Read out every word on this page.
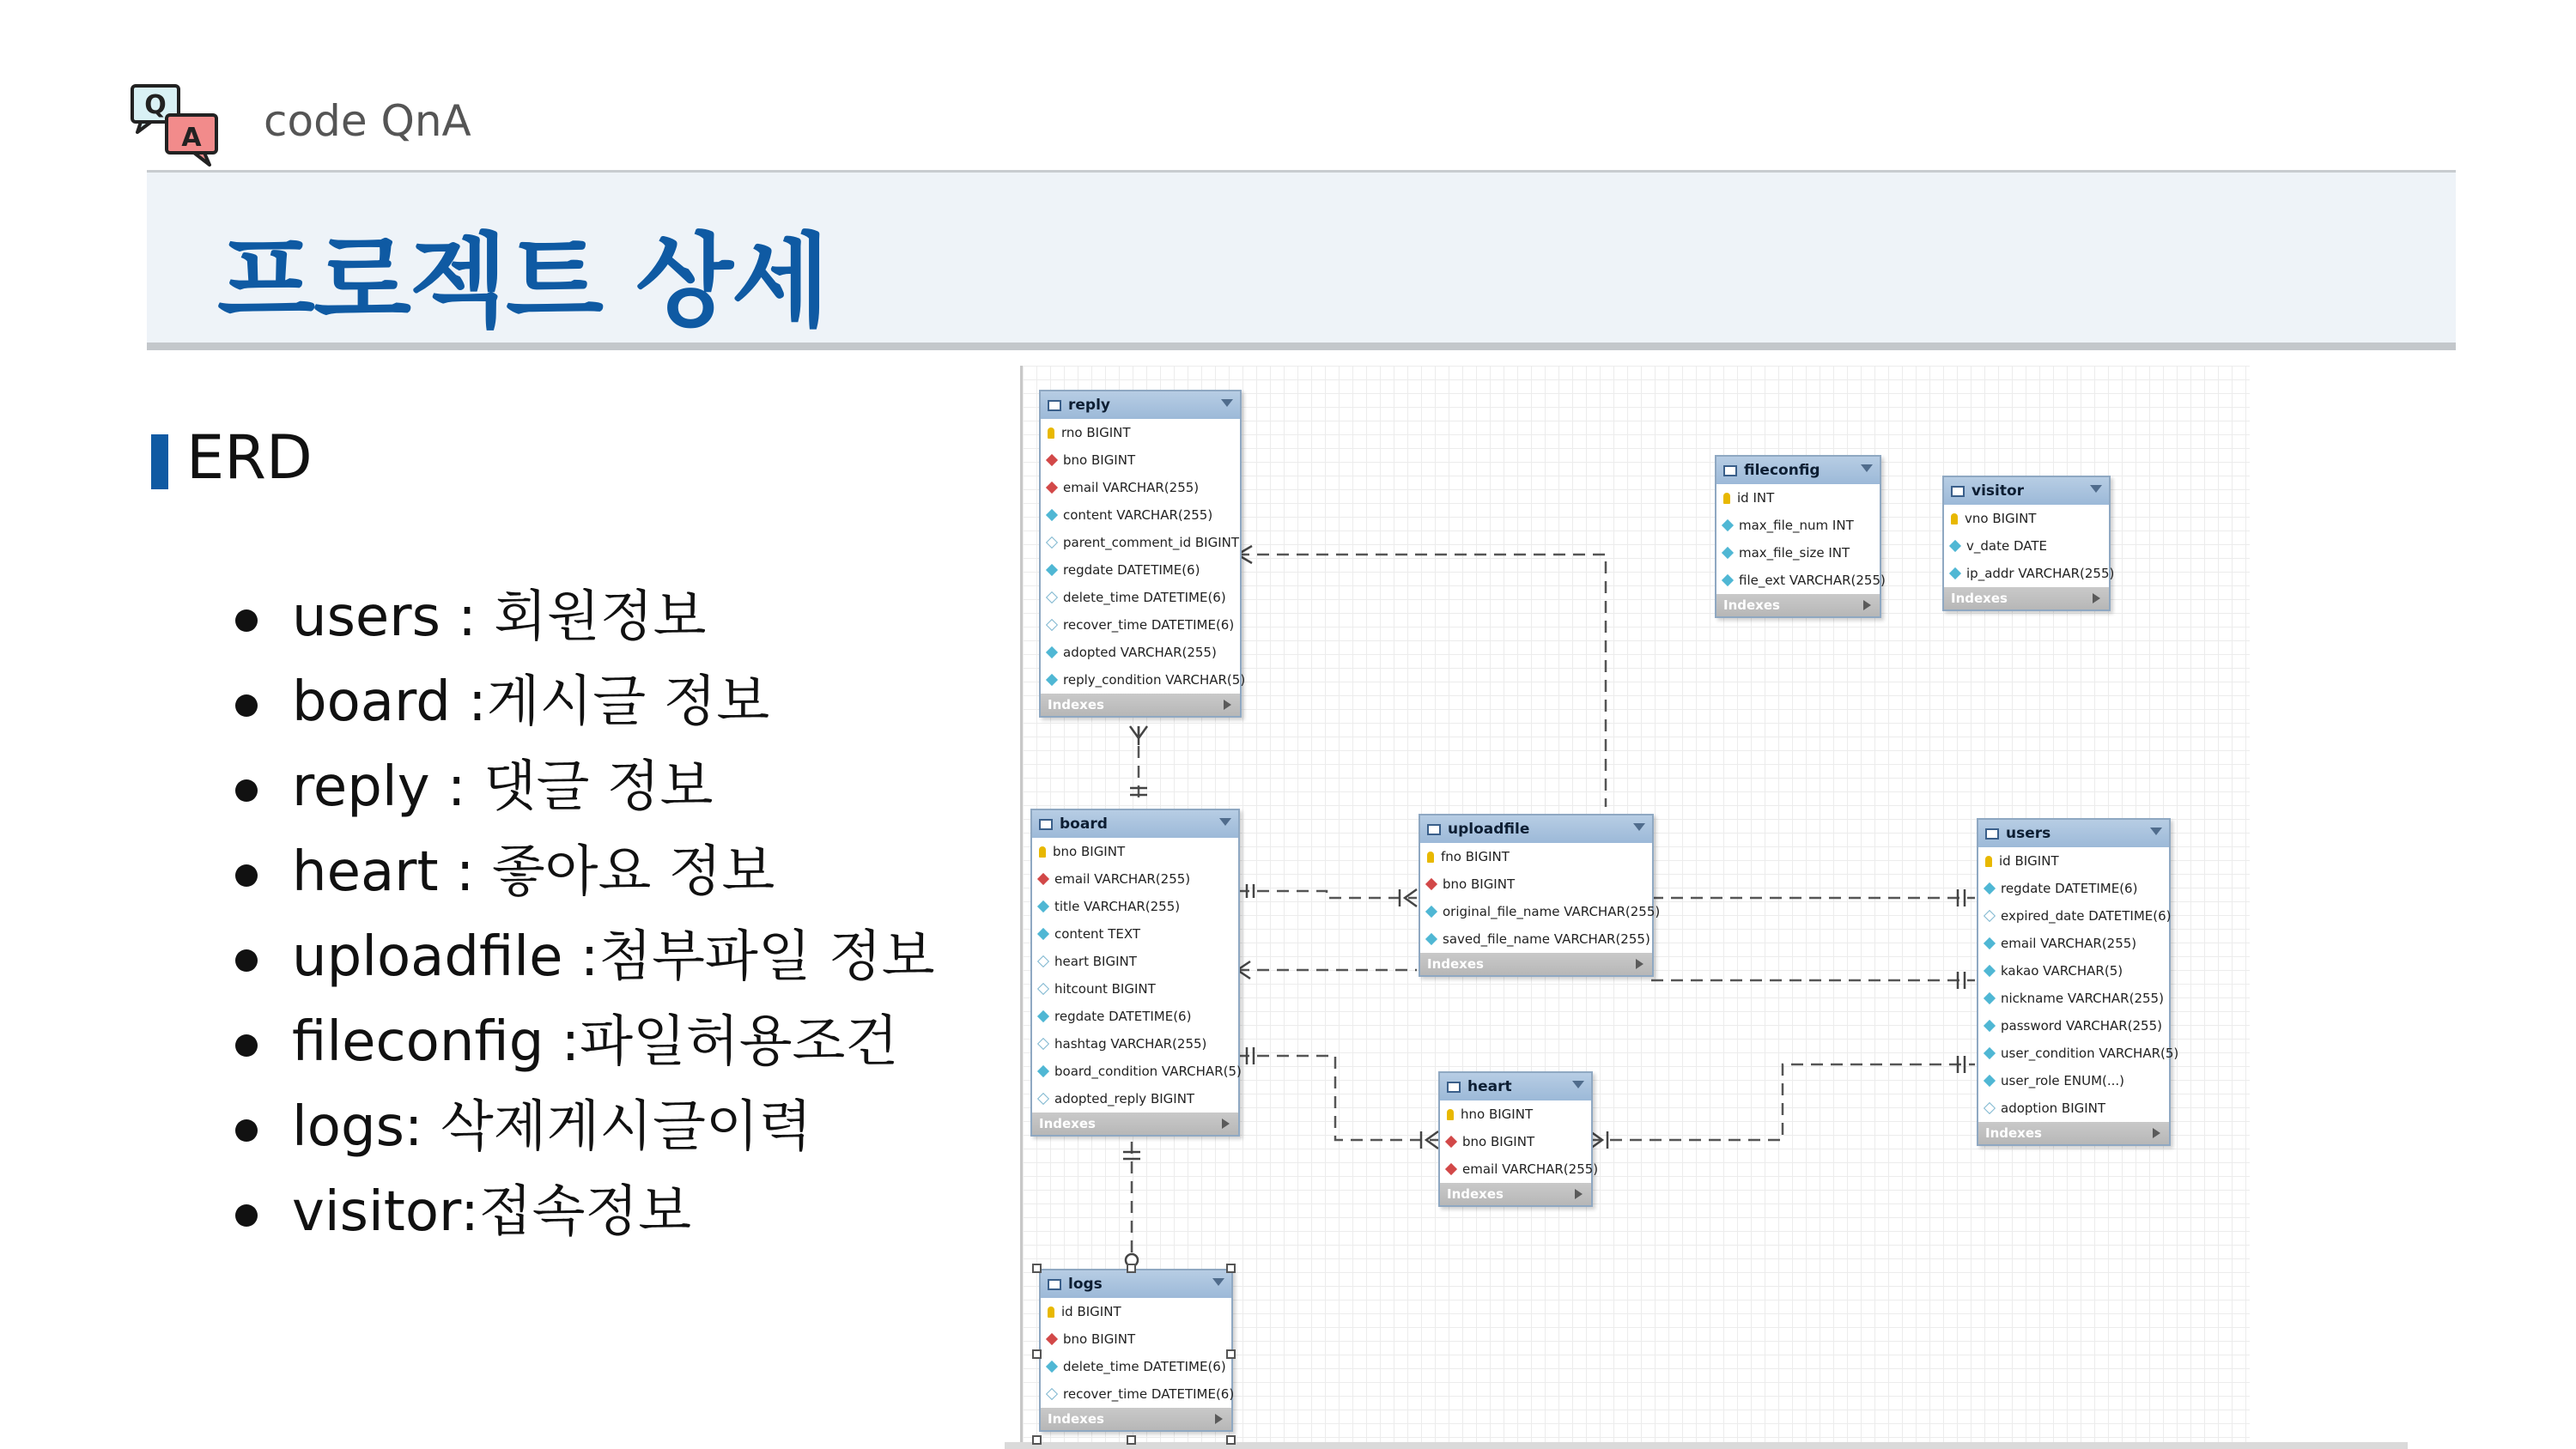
Q
A code QnA
프로젝트 상세
ERD
users : 회원정보
board :게시글 정보
reply : 댓글 정보
heart : 좋아요 정보
uploadfile :첨부파일 정보
fileconfig :파일허용조건
logs: 삭제게시글이력
visitor:접속정보
reply
rno BIGINT
bno BIGINT
email VARCHAR(255)
content VARCHAR(255)
parent_comment_id BIGINT
regdate DATETIME(6)
delete_time DATETIME(6)
recover_time DATETIME(6)
adopted VARCHAR(255)
reply_condition VARCHAR(5)
Indexes
board
bno BIGINT
email VARCHAR(255)
title VARCHAR(255)
content TEXT
heart BIGINT
hitcount BIGINT
regdate DATETIME(6)
hashtag VARCHAR(255)
board_condition VARCHAR(5)
adopted_reply BIGINT
Indexes
logs
id BIGINT
bno BIGINT
delete_time DATETIME(6)
recover_time DATETIME(6)
Indexes
uploadfile
fno BIGINT
bno BIGINT
original_file_name VARCHAR(255)
saved_file_name VARCHAR(255)
Indexes
heart
hno BIGINT
bno BIGINT
email VARCHAR(255)
Indexes
fileconfig
id INT
max_file_num INT
max_file_size INT
file_ext VARCHAR(255)
Indexes
visitor
vno BIGINT
v_date DATE
ip_addr VARCHAR(255)
Indexes
users
id BIGINT
regdate DATETIME(6)
expired_date DATETIME(6)
email VARCHAR(255)
kakao VARCHAR(5)
nickname VARCHAR(255)
password VARCHAR(255)
user_condition VARCHAR(5)
user_role ENUM(...)
adoption BIGINT
Indexes
